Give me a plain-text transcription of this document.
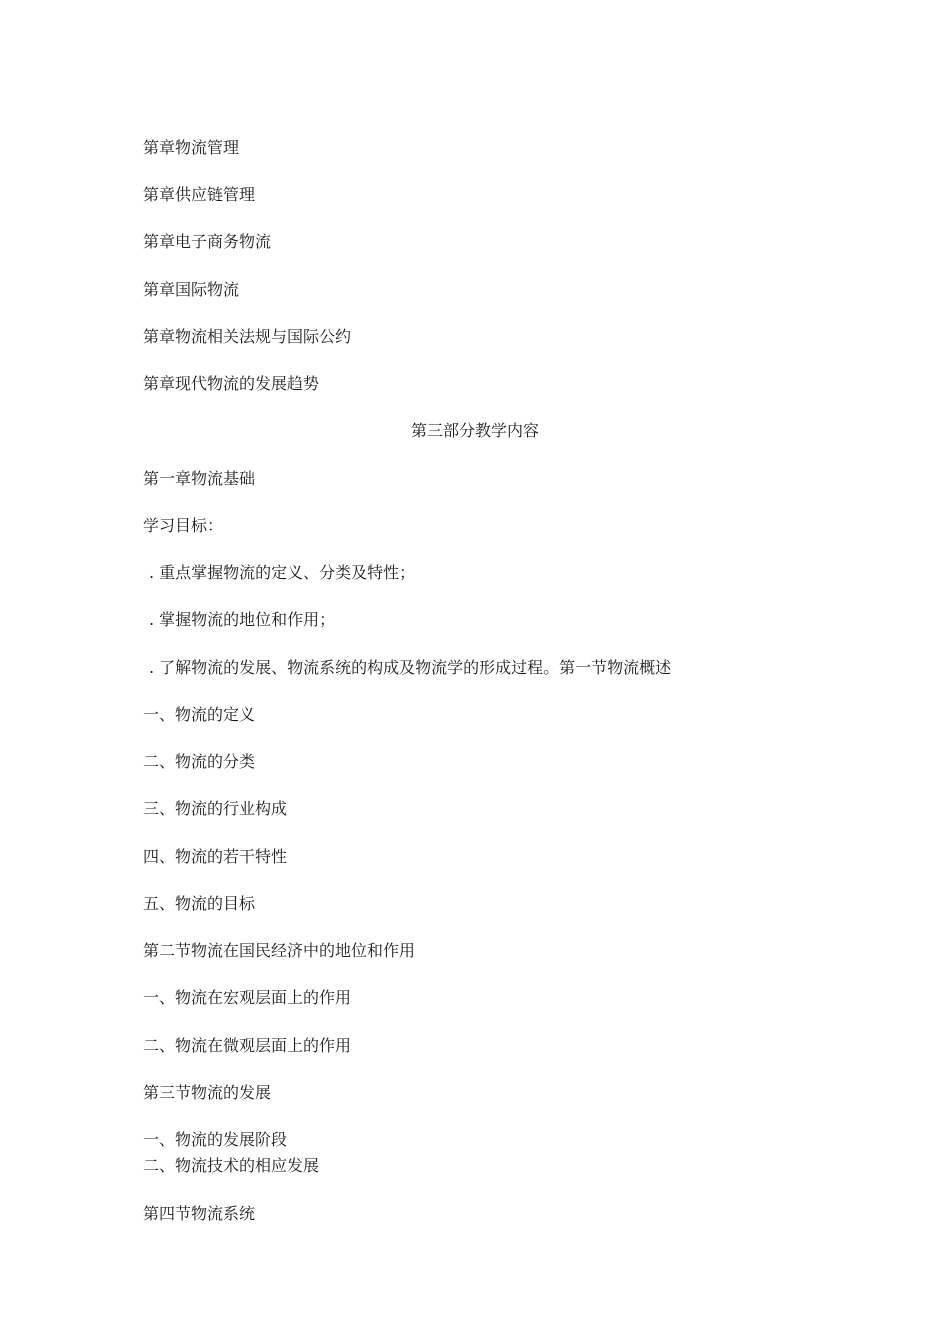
第章物流管理
第章供应链管理
第章电子商务物流
第章国际物流
第章物流相关法规与国际公约
第章现代物流的发展趋势
第三部分教学内容
第一章物流基础
学习目标：
. 重点掌握物流的定义、分类及特性；
. 掌握物流的地位和作用；
. 了解物流的发展、物流系统的构成及物流学的形成过程。第一节物流概述
一、物流的定义
二、物流的分类
三、物流的行业构成
四、物流的若干特性
五、物流的目标
第二节物流在国民经济中的地位和作用
一、物流在宏观层面上的作用
二、物流在微观层面上的作用
第三节物流的发展
一、物流的发展阶段
二、物流技术的相应发展
第四节物流系统
